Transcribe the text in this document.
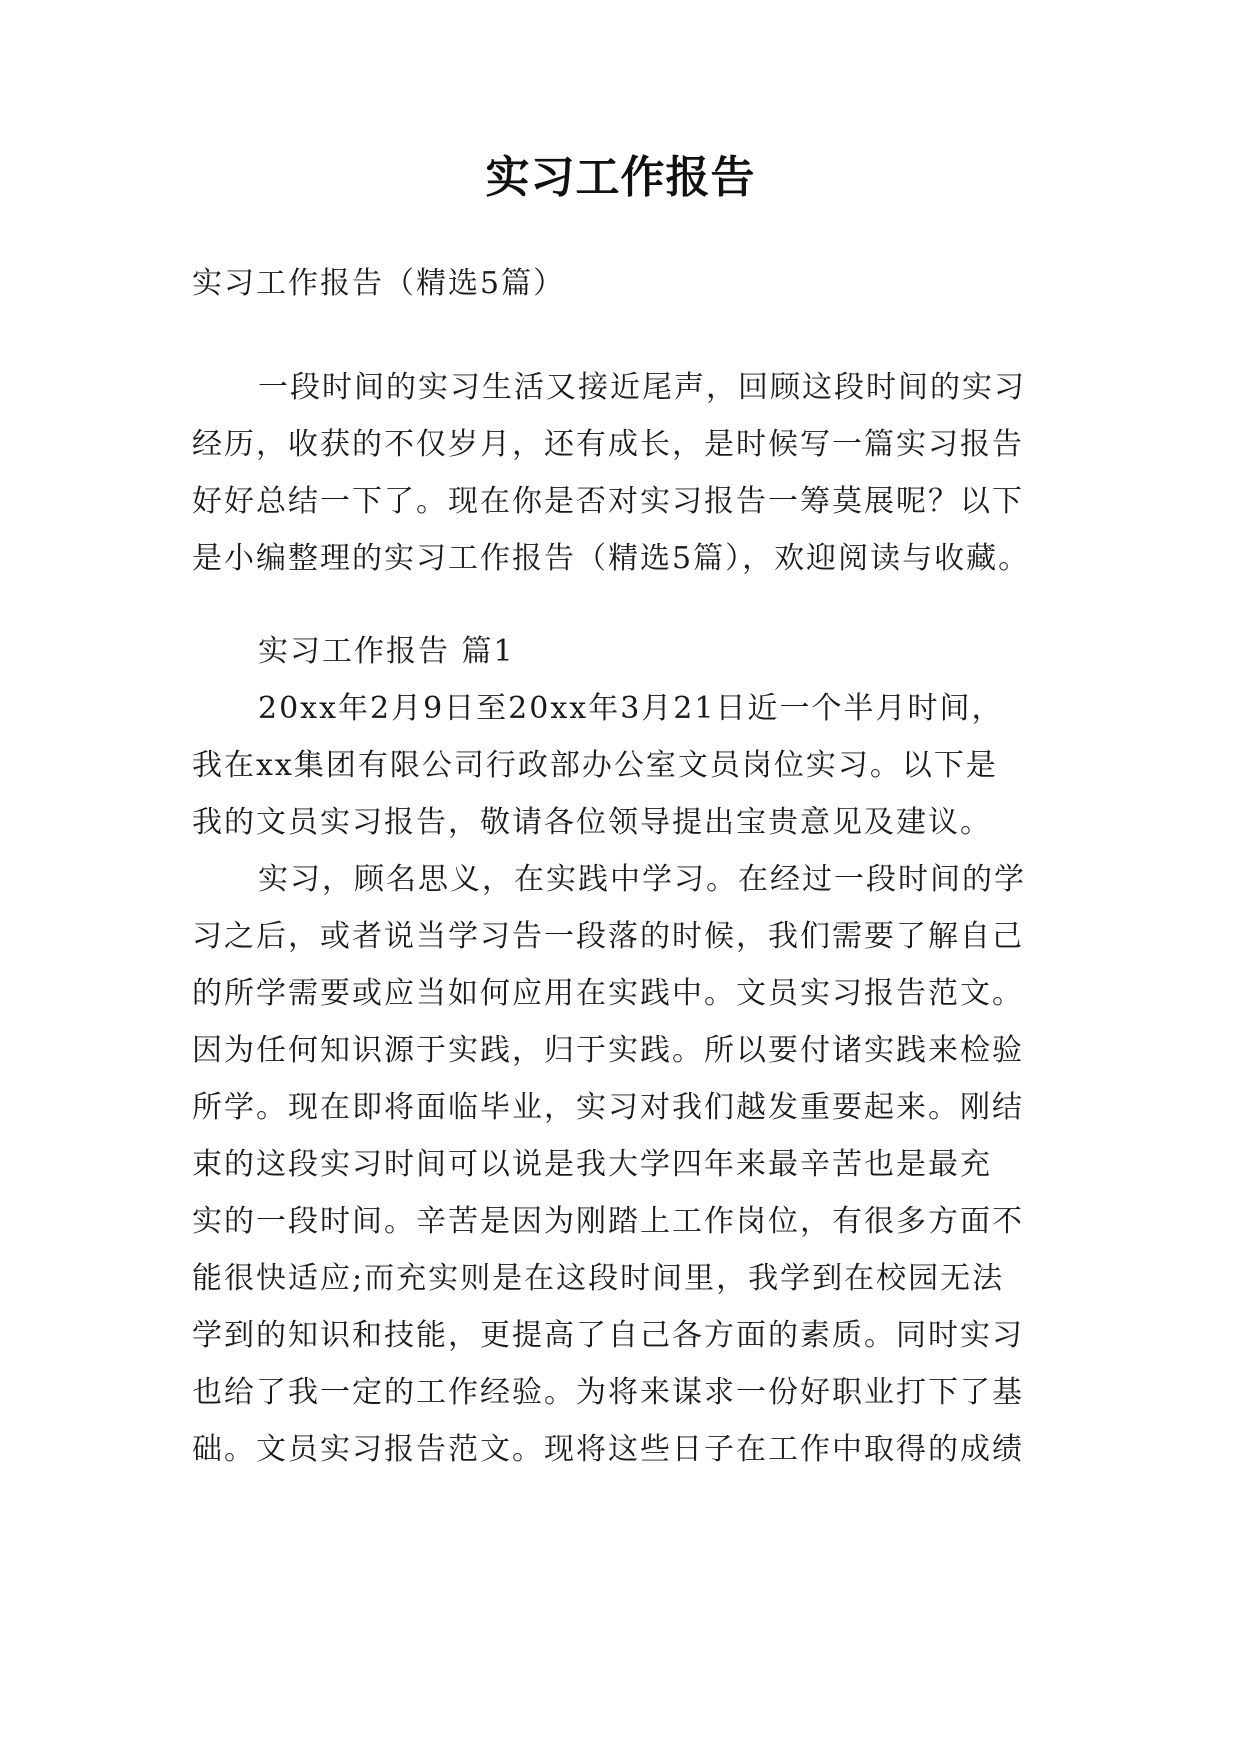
实习工作报告
实习工作报告（精选5篇）
一段时间的实习生活又接近尾声，回顾这段时间的实习
经历，收获的不仅岁月，还有成长，是时候写一篇实习报告
好好总结一下了。现在你是否对实习报告一筹莫展呢？以下
是小编整理的实习工作报告（精选5篇），欢迎阅读与收藏。
实习工作报告 篇1
20xx年2月9日至20xx年3月21日近一个半月时间，
我在xx集团有限公司行政部办公室文员岗位实习。以下是
我的文员实习报告，敬请各位领导提出宝贵意见及建议。
实习，顾名思义，在实践中学习。在经过一段时间的学
习之后，或者说当学习告一段落的时候，我们需要了解自己
的所学需要或应当如何应用在实践中。文员实习报告范文。
因为任何知识源于实践，归于实践。所以要付诸实践来检验
所学。现在即将面临毕业，实习对我们越发重要起来。刚结
束的这段实习时间可以说是我大学四年来最辛苦也是最充
实的一段时间。辛苦是因为刚踏上工作岗位，有很多方面不
能很快适应;而充实则是在这段时间里，我学到在校园无法
学到的知识和技能，更提高了自己各方面的素质。同时实习
也给了我一定的工作经验。为将来谋求一份好职业打下了基
础。文员实习报告范文。现将这些日子在工作中取得的成绩
